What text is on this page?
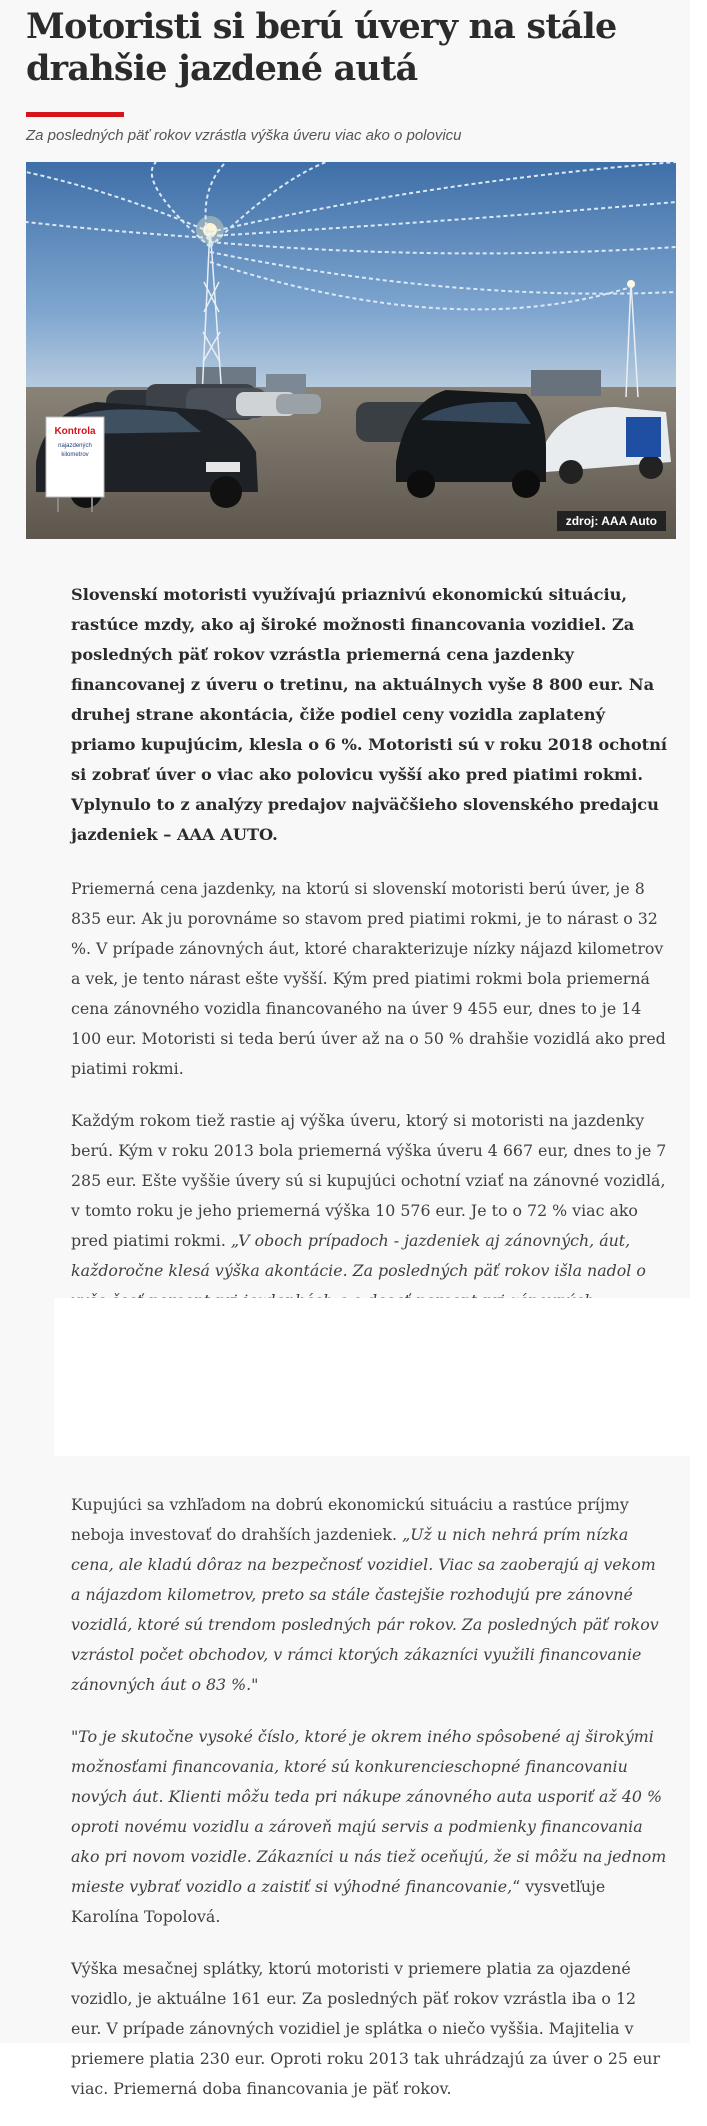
Motoristi si berú úvery na stále drahšie jazdené autá
Za posledných päť rokov vzrástla výška úveru viac ako o polovicu
Kontrola
najazdených
kilometrov
zdroj: AAA Auto

Slovenskí motoristi využívajú priaznivú ekonomickú situáciu, rastúce mzdy, ako aj široké možnosti financovania vozidiel. Za posledných päť rokov vzrástla priemerná cena jazdenky financovanej z úveru o tretinu, na aktuálnych vyše 8 800 eur. Na druhej strane akontácia, čiže podiel ceny vozidla zaplatený priamo kupujúcim, klesla o 6 %. Motoristi sú v roku 2018 ochotní si zobrať úver o viac ako polovicu vyšší ako pred piatimi rokmi. Vplynulo to z analýzy predajov najväčšieho slovenského predajcu jazdeniek – AAA AUTO.

Priemerná cena jazdenky, na ktorú si slovenskí motoristi berú úver, je 8 835 eur. Ak ju porovnáme so stavom pred piatimi rokmi, je to nárast o 32 %. V prípade zánovných áut, ktoré charakterizuje nízky nájazd kilometrov a vek, je tento nárast ešte vyšší. Kým pred piatimi rokmi bola priemerná cena zánovného vozidla financovaného na úver 9 455 eur, dnes to je 14 100 eur. Motoristi si teda berú úver až na o 50 % drahšie vozidlá ako pred piatimi rokmi.

Každým rokom tiež rastie aj výška úveru, ktorý si motoristi na jazdenky berú. Kým v roku 2013 bola priemerná výška úveru 4 667 eur, dnes to je 7 285 eur. Ešte vyššie úvery sú si kupujúci ochotní vziať na zánovné vozidlá, v tomto roku je jeho priemerná výška 10 576 eur. Je to o 72 % viac ako pred piatimi rokmi. „V oboch prípadoch - jazdeniek aj zánovných, áut, každoročne klesá výška akontácie. Za posledných päť rokov išla nadol o

Kupujúci sa vzhľadom na dobrú ekonomickú situáciu a rastúce príjmy neboja investovať do drahších jazdeniek. „Už u nich nehrá prím nízka cena, ale kladú dôraz na bezpečnosť vozidiel. Viac sa zaoberajú aj vekom a nájazdom kilometrov, preto sa stále častejšie rozhodujú pre zánovné vozidlá, ktoré sú trendom posledných pár rokov. Za posledných päť rokov vzrástol počet obchodov, v rámci ktorých zákazníci využili financovanie zánovných áut o 83 %."

"To je skutočne vysoké číslo, ktoré je okrem iného spôsobené aj širokými možnosťami financovania, ktoré sú konkurencieschopné financovaniu nových áut. Klienti môžu teda pri nákupe zánovného auta usporiť až 40 % oproti novému vozidlu a zároveň majú servis a podmienky financovania ako pri novom vozidle. Zákazníci u nás tiež oceňujú, že si môžu na jednom mieste vybrať vozidlo a zaistiť si výhodné financovanie,“ vysvetľuje Karolína Topolová.

Výška mesačnej splátky, ktorú motoristi v priemere platia za ojazdené vozidlo, je aktuálne 161 eur. Za posledných päť rokov vzrástla iba o 12 eur. V prípade zánovných vozidiel je splátka o niečo vyššia. Majitelia v priemere platia 230 eur. Oproti roku 2013 tak uhrádzajú za úver o 25 eur viac. Priemerná doba financovania je päť rokov.
